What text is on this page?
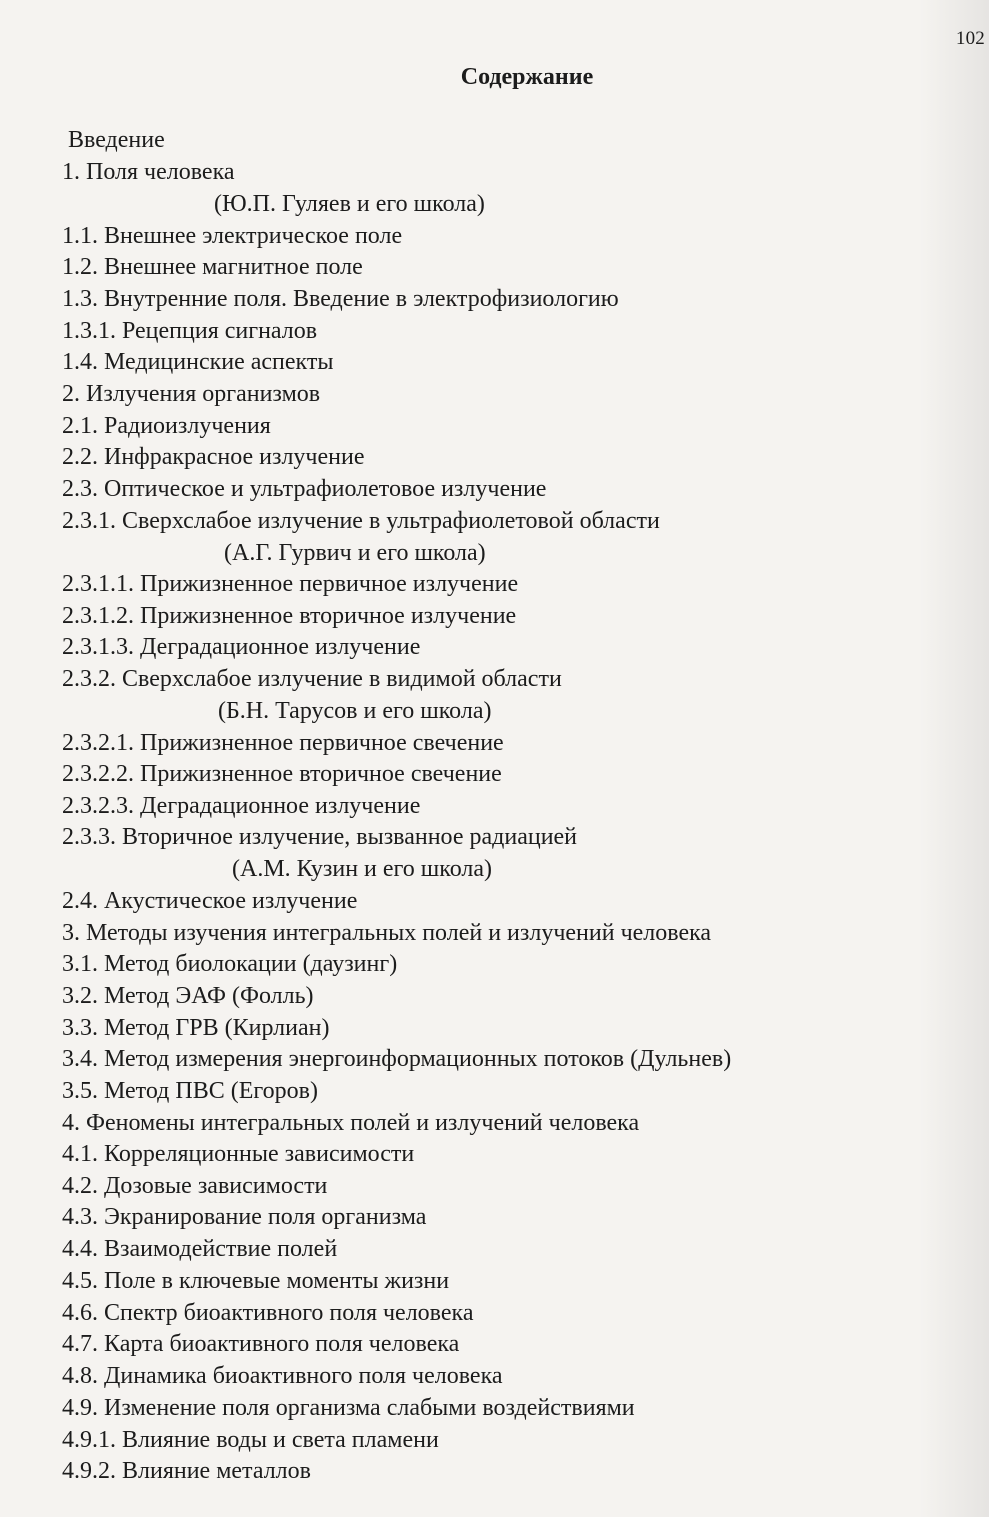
102
Содержание
Введение
1. Поля человека
(Ю.П. Гуляев и его школа)
1.1. Внешнее электрическое поле
1.2. Внешнее магнитное поле
1.3. Внутренние поля. Введение в электрофизиологию
1.3.1. Рецепция сигналов
1.4. Медицинские аспекты
2. Излучения организмов
2.1. Радиоизлучения
2.2. Инфракрасное излучение
2.3. Оптическое и ультрафиолетовое излучение
2.3.1. Сверхслабое излучение в ультрафиолетовой области
(А.Г. Гурвич и его школа)
2.3.1.1. Прижизненное первичное излучение
2.3.1.2. Прижизненное вторичное излучение
2.3.1.3. Деградационное излучение
2.3.2. Сверхслабое излучение в видимой области
(Б.Н. Тарусов и его школа)
2.3.2.1. Прижизненное первичное свечение
2.3.2.2. Прижизненное вторичное свечение
2.3.2.3. Деградационное излучение
2.3.3. Вторичное излучение, вызванное радиацией
(А.М. Кузин и его школа)
2.4. Акустическое излучение
3. Методы изучения интегральных полей и излучений человека
3.1. Метод биолокации (даузинг)
3.2. Метод ЭАФ (Фолль)
3.3. Метод ГРВ (Кирлиан)
3.4. Метод измерения энергоинформационных потоков (Дульнев)
3.5. Метод ПВС (Егоров)
4. Феномены интегральных полей и излучений человека
4.1. Корреляционные зависимости
4.2. Дозовые зависимости
4.3. Экранирование поля организма
4.4. Взаимодействие полей
4.5. Поле в ключевые моменты жизни
4.6. Спектр биоактивного поля человека
4.7. Карта биоактивного поля человека
4.8. Динамика биоактивного поля человека
4.9. Изменение поля организма слабыми воздействиями
4.9.1. Влияние воды и света пламени
4.9.2. Влияние металлов
